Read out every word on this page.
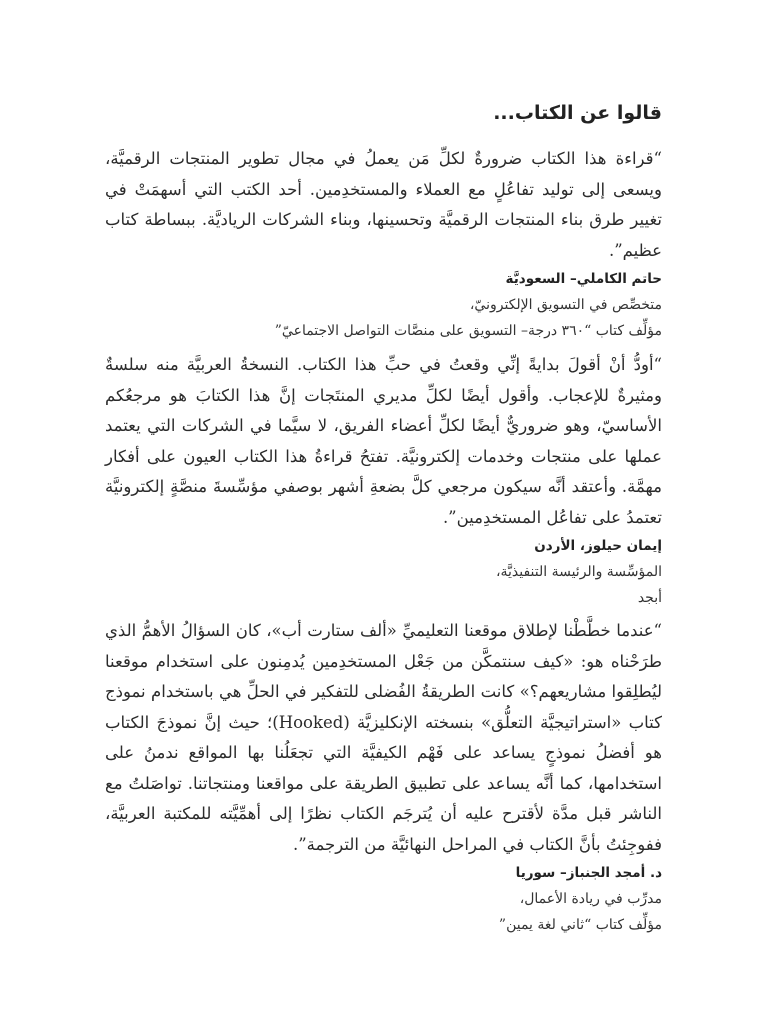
قالوا عن الكتاب...

“قراءة هذا الكتاب ضرورةٌ لكلِّ مَن يعملُ في مجال تطوير المنتجات الرقميَّة، ويسعى إلى توليد تفاعُلٍ مع العملاء والمستخدِمين. أحد الكتب التي أسهمَتْ في تغيير طرق بناء المنتجات الرقميَّة وتحسينها، وبناء الشركات الرياديَّة. ببساطة كتاب عظيم”.

حاتم الكاملي– السعوديَّة

متخصِّص في التسويق الإلكترونيّ،

مؤلِّف كتاب “٣٦٠ درجة– التسويق على منصَّات التواصل الاجتماعيّ”

“أودُّ أنْ أقولَ بدايةً إنِّي وقعتُ في حبِّ هذا الكتاب. النسخةُ العربيَّة منه سلسةٌ ومثيرةٌ للإعجاب. وأقول أيضًا لكلِّ مديري المنتَجات إنَّ هذا الكتابَ هو مرجعُكم الأساسيّ، وهو ضروريٌّ أيضًا لكلِّ أعضاء الفريق، لا سيَّما في الشركات التي يعتمد عملها على منتجات وخدمات إلكترونيَّة. تفتحُ قراءةُ هذا الكتاب العيون على أفكار مهمَّة. وأعتقد أنَّه سيكون مرجعي كلَّ بضعةِ أشهر بوصفي مؤسِّسةَ منصَّةٍ إلكترونيَّة تعتمدُ على تفاعُل المستخدِمين”.

إيمان حيلوز، الأردن

المؤسِّسة والرئيسة التنفيذيَّة،

أبجد

“عندما خطَّطْنا لإطلاق موقعنا التعليميِّ «ألف ستارت أب»، كان السؤالُ الأهمُّ الذي طرَحْناه هو: «كيف سنتمكَّن من جَعْل المستخدِمين يُدمِنون على استخدام موقعنا ليُطلِقوا مشاريعهم؟» كانت الطريقةُ الفُضلى للتفكير في الحلِّ هي باستخدام نموذج كتاب «استراتيجيَّة التعلُّق» بنسخته الإنكليزيَّة (Hooked)؛ حيث إنَّ نموذجَ الكتاب هو أفضلُ نموذجٍ يساعد على فَهْم الكيفيَّة التي تجعَلُنا بها المواقع ندمنُ على استخدامها، كما أنَّه يساعد على تطبيق الطريقة على مواقعنا ومنتجاتنا. تواصَلتُ مع الناشر قبل مدَّة لأقترح عليه أن يُترجَم الكتاب نظرًا إلى أهمِّيَّته للمكتبة العربيَّة، ففوجِئتُ بأنَّ الكتاب في المراحل النهائيَّة من الترجمة”.

د. أمجد الجنباز– سوريا

مدرِّب في ريادة الأعمال،

مؤلِّف كتاب “ثاني لغة يمين”
